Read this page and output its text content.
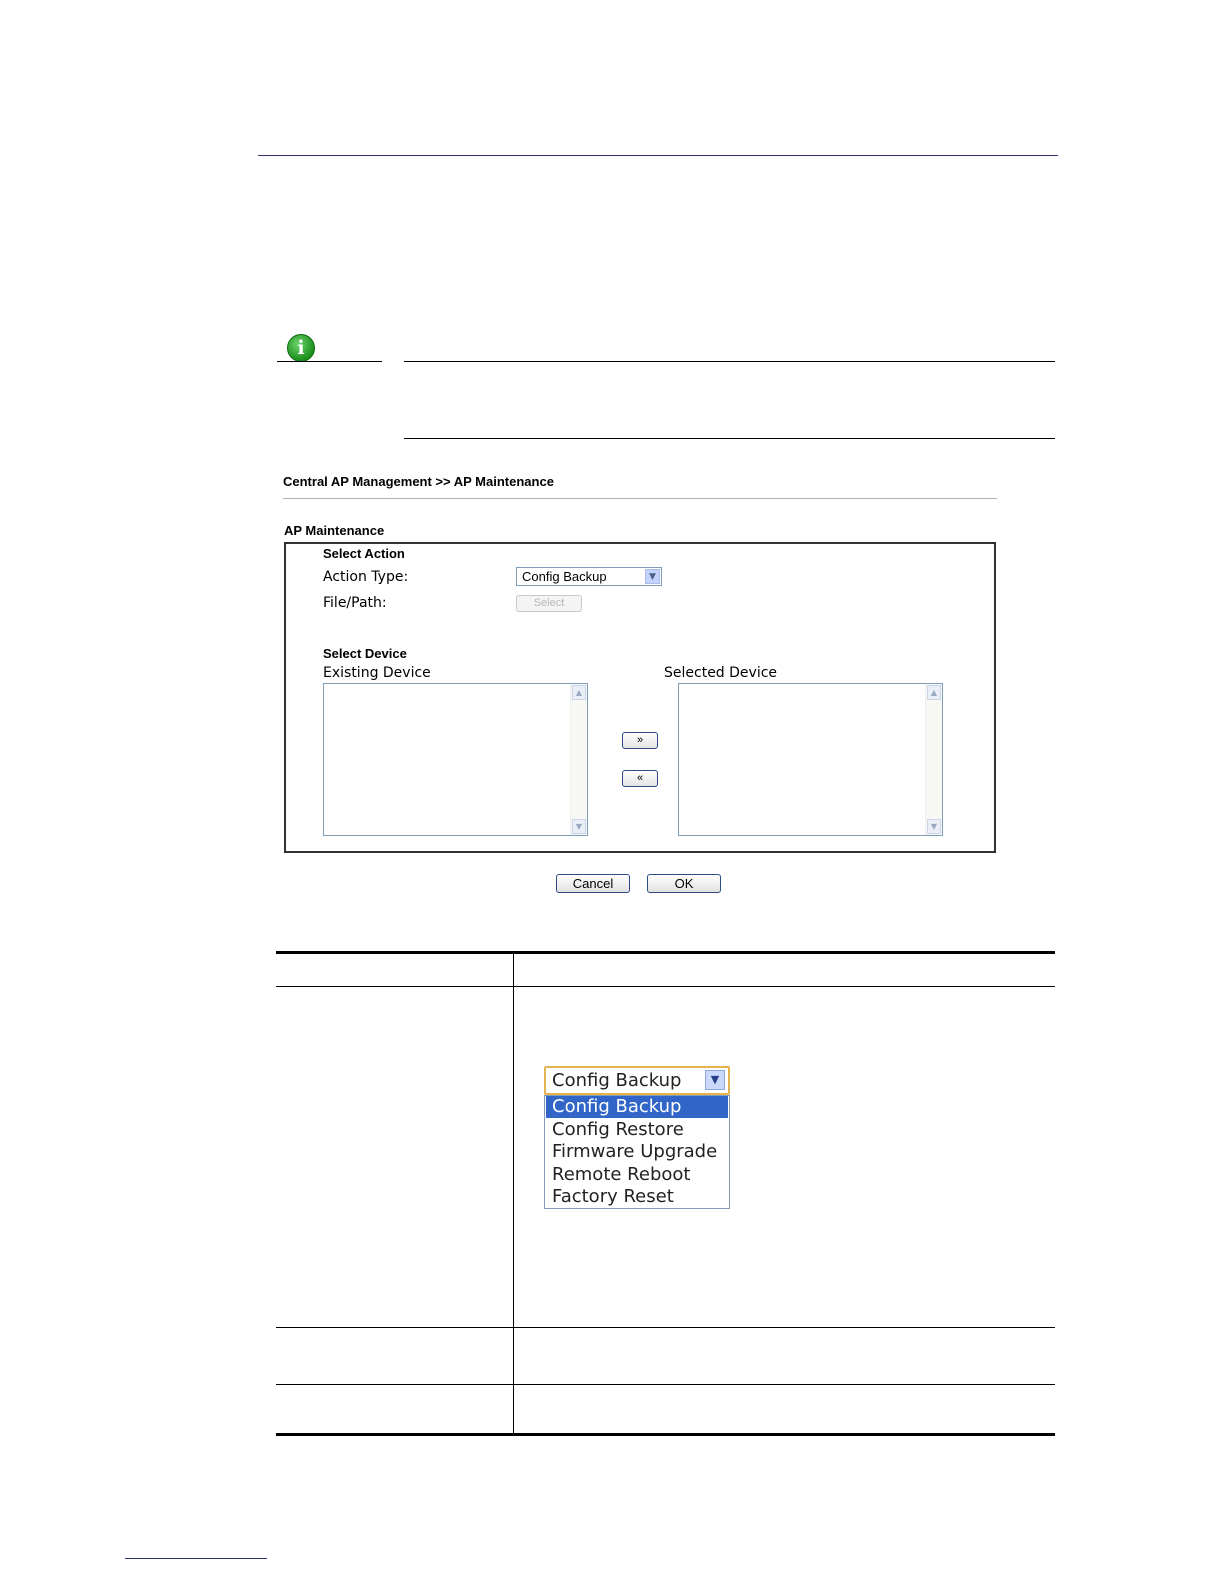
i
Central AP Management >> AP Maintenance
AP Maintenance
Select Action
Action Type:	Config Backup	▼
File/Path:	Select
Select Device
Existing Device	Selected Device
▲
▼
▲
▼
»
«
Cancel	OK
Config Backup	▼
Config Backup
Config Restore
Firmware Upgrade
Remote Reboot
Factory Reset
